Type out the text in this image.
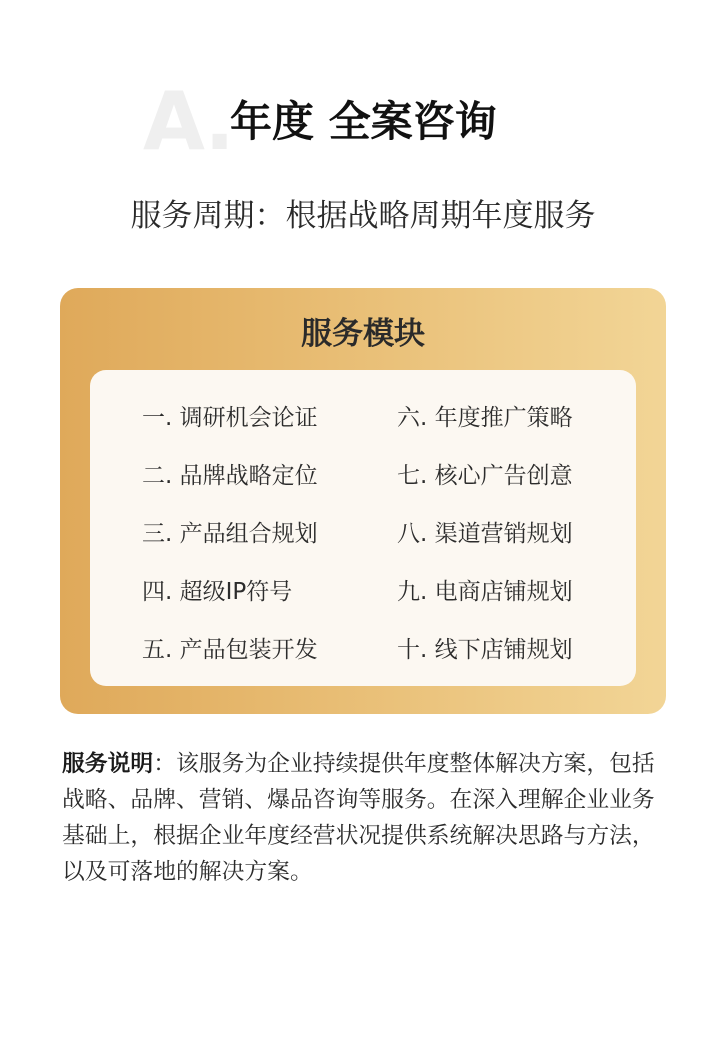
A.
年度 全案咨询
服务周期：根据战略周期年度服务
服务模块
一. 调研机会论证
二. 品牌战略定位
三. 产品组合规划
四. 超级IP符号
五. 产品包装开发
六. 年度推广策略
七. 核心广告创意
八. 渠道营销规划
九. 电商店铺规划
十. 线下店铺规划
服务说明：该服务为企业持续提供年度整体解决方案，包括战略、品牌、营销、爆品咨询等服务。在深入理解企业业务基础上，根据企业年度经营状况提供系统解决思路与方法，以及可落地的解决方案。
